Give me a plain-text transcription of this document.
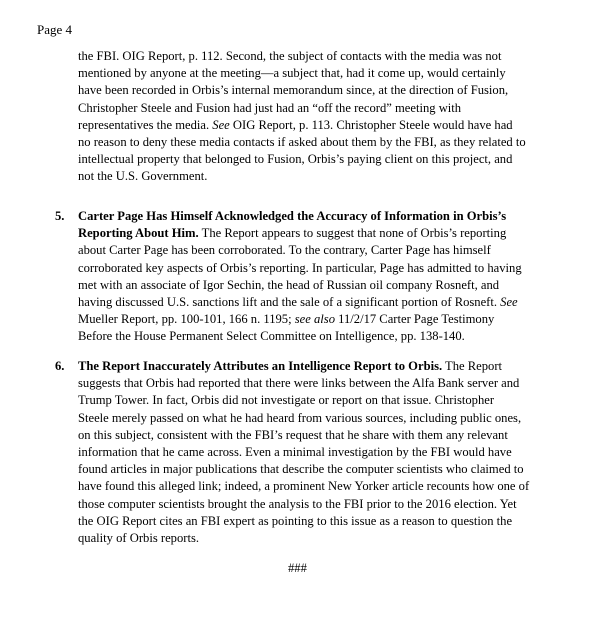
Page 4
the FBI. OIG Report, p. 112. Second, the subject of contacts with the media was not
mentioned by anyone at the meeting—a subject that, had it come up, would certainly
have been recorded in Orbis’s internal memorandum since, at the direction of Fusion,
Christopher Steele and Fusion had just had an “off the record” meeting with
representatives the media. See OIG Report, p. 113. Christopher Steele would have had
no reason to deny these media contacts if asked about them by the FBI, as they related to
intellectual property that belonged to Fusion, Orbis’s paying client on this project, and
not the U.S. Government.
5. Carter Page Has Himself Acknowledged the Accuracy of Information in Orbis’s
Reporting About Him. The Report appears to suggest that none of Orbis’s reporting
about Carter Page has been corroborated. To the contrary, Carter Page has himself
corroborated key aspects of Orbis’s reporting. In particular, Page has admitted to having
met with an associate of Igor Sechin, the head of Russian oil company Rosneft, and
having discussed U.S. sanctions lift and the sale of a significant portion of Rosneft. See
Mueller Report, pp. 100-101, 166 n. 1195; see also 11/2/17 Carter Page Testimony
Before the House Permanent Select Committee on Intelligence, pp. 138-140.
6. The Report Inaccurately Attributes an Intelligence Report to Orbis. The Report
suggests that Orbis had reported that there were links between the Alfa Bank server and
Trump Tower. In fact, Orbis did not investigate or report on that issue. Christopher
Steele merely passed on what he had heard from various sources, including public ones,
on this subject, consistent with the FBI’s request that he share with them any relevant
information that he came across. Even a minimal investigation by the FBI would have
found articles in major publications that describe the computer scientists who claimed to
have found this alleged link; indeed, a prominent New Yorker article recounts how one of
those computer scientists brought the analysis to the FBI prior to the 2016 election. Yet
the OIG Report cites an FBI expert as pointing to this issue as a reason to question the
quality of Orbis reports.
###
